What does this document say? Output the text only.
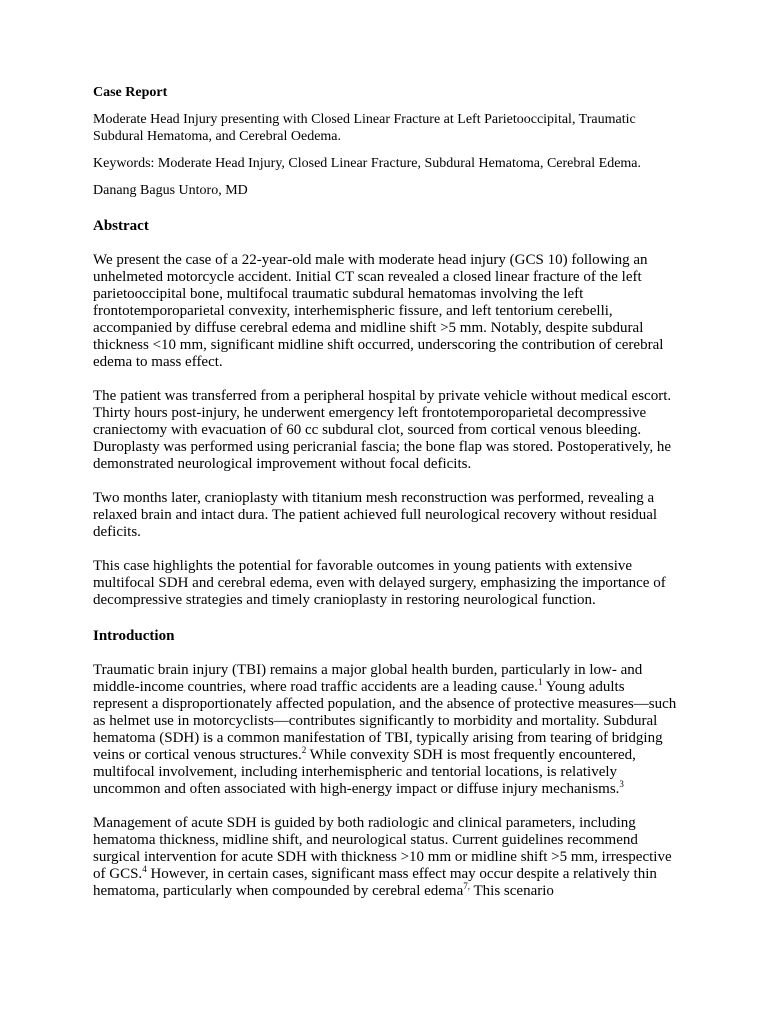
Case Report

Moderate Head Injury presenting with Closed Linear Fracture at Left Parietooccipital, Traumatic Subdural Hematoma, and Cerebral Oedema.

Keywords: Moderate Head Injury, Closed Linear Fracture, Subdural Hematoma, Cerebral Edema.

Danang Bagus Untoro, MD

Abstract

We present the case of a 22-year-old male with moderate head injury (GCS 10) following an unhelmeted motorcycle accident. Initial CT scan revealed a closed linear fracture of the left parietooccipital bone, multifocal traumatic subdural hematomas involving the left frontotemporoparietal convexity, interhemispheric fissure, and left tentorium cerebelli, accompanied by diffuse cerebral edema and midline shift >5 mm. Notably, despite subdural thickness <10 mm, significant midline shift occurred, underscoring the contribution of cerebral edema to mass effect.

The patient was transferred from a peripheral hospital by private vehicle without medical escort. Thirty hours post-injury, he underwent emergency left frontotemporoparietal decompressive craniectomy with evacuation of 60 cc subdural clot, sourced from cortical venous bleeding. Duroplasty was performed using pericranial fascia; the bone flap was stored. Postoperatively, he demonstrated neurological improvement without focal deficits.

Two months later, cranioplasty with titanium mesh reconstruction was performed, revealing a relaxed brain and intact dura. The patient achieved full neurological recovery without residual deficits.

This case highlights the potential for favorable outcomes in young patients with extensive multifocal SDH and cerebral edema, even with delayed surgery, emphasizing the importance of decompressive strategies and timely cranioplasty in restoring neurological function.

Introduction

Traumatic brain injury (TBI) remains a major global health burden, particularly in low- and middle-income countries, where road traffic accidents are a leading cause.$^1$ Young adults represent a disproportionately affected population, and the absence of protective measures—such as helmet use in motorcyclists—contributes significantly to morbidity and mortality. Subdural hematoma (SDH) is a common manifestation of TBI, typically arising from tearing of bridging veins or cortical venous structures.$^2$ While convexity SDH is most frequently encountered, multifocal involvement, including interhemispheric and tentorial locations, is relatively uncommon and often associated with high-energy impact or diffuse injury mechanisms.$^3$

Management of acute SDH is guided by both radiologic and clinical parameters, including hematoma thickness, midline shift, and neurological status. Current guidelines recommend surgical intervention for acute SDH with thickness >10 mm or midline shift >5 mm, irrespective of GCS.$^4$ However, in certain cases, significant mass effect may occur despite a relatively thin hematoma, particularly when compounded by cerebral edema$^{7,}$ This scenario
